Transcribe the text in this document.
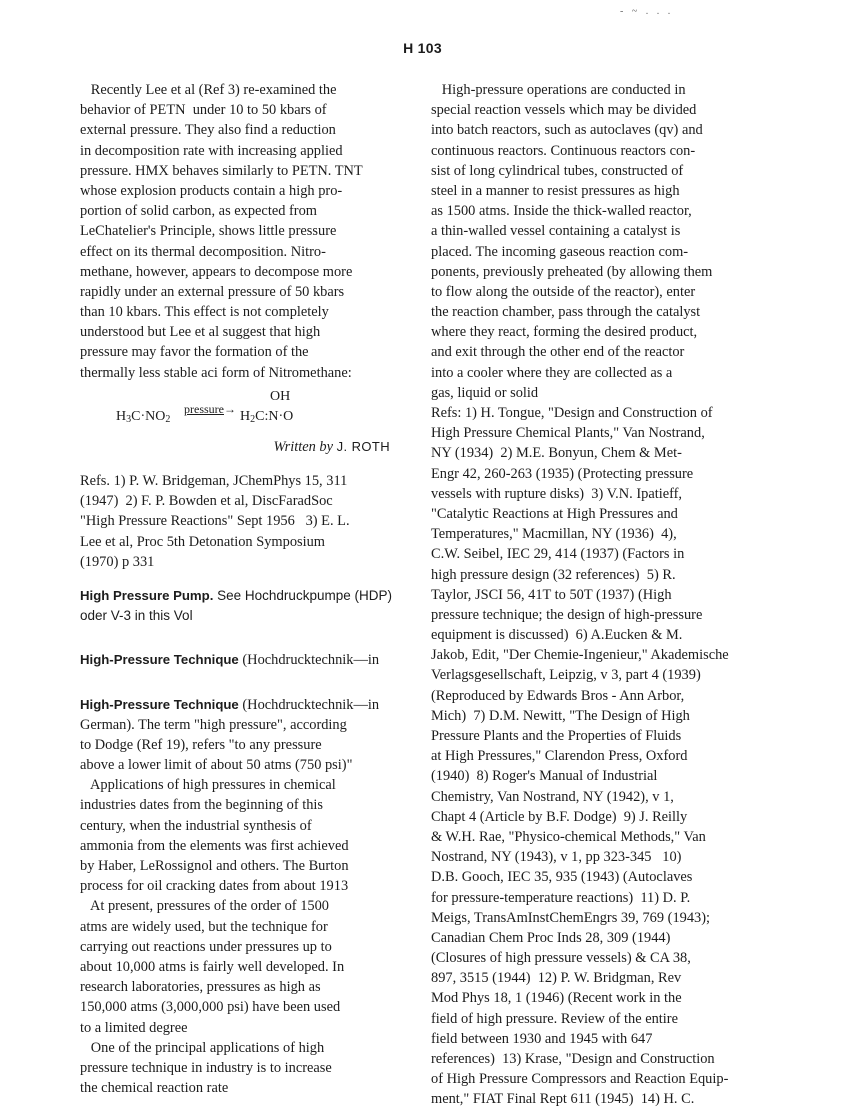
- ~ . . .
H 103
Recently Lee et al (Ref 3) re-examined the
behavior of PETN  under 10 to 50 kbars of
external pressure. They also find a reduction
in decomposition rate with increasing applied
pressure. HMX behaves similarly to PETN. TNT
whose explosion products contain a high pro-
portion of solid carbon, as expected from
LeChatelier's Principle, shows little pressure
effect on its thermal decomposition. Nitro-
methane, however, appears to decompose more
rapidly under an external pressure of 50 kbars
than 10 kbars. This effect is not completely
understood but Lee et al suggest that high
pressure may favor the formation of the
thermally less stable aci form of Nitromethane:
OH
$H_3C\cdot NO_2$
pressure→ $H_2C:N\cdot O$
Written by J. ROTH
Refs. 1) P. W. Bridgeman, JChemPhys 15, 311
(1947)  2) F. P. Bowden et al, DiscFaradSoc
"High Pressure Reactions" Sept 1956   3) E. L.
Lee et al, Proc 5th Detonation Symposium
(1970) p 331
High Pressure Pump. See Hochdruckpumpe (HDP)
oder V-3 in this Vol
High-Pressure Technique (Hochdrucktechnik—in
High-Pressure Technique (Hochdrucktechnik—in
German). The term "high pressure", according
to Dodge (Ref 19), refers "to any pressure
above a lower limit of about 50 atms (750 psi)"
Applications of high pressures in chemical
industries dates from the beginning of this
century, when the industrial synthesis of
ammonia from the elements was first achieved
by Haber, LeRossignol and others. The Burton
process for oil cracking dates from about 1913
At present, pressures of the order of 1500
atms are widely used, but the technique for
carrying out reactions under pressures up to
about 10,000 atms is fairly well developed. In
research laboratories, pressures as high as
150,000 atms (3,000,000 psi) have been used
to a limited degree
One of the principal applications of high
pressure technique in industry is to increase
the chemical reaction rate
High-pressure operations are conducted in
special reaction vessels which may be divided
into batch reactors, such as autoclaves (qv) and
continuous reactors. Continuous reactors con-
sist of long cylindrical tubes, constructed of
steel in a manner to resist pressures as high
as 1500 atms. Inside the thick-walled reactor,
a thin-walled vessel containing a catalyst is
placed. The incoming gaseous reaction com-
ponents, previously preheated (by allowing them
to flow along the outside of the reactor), enter
the reaction chamber, pass through the catalyst
where they react, forming the desired product,
and exit through the other end of the reactor
into a cooler where they are collected as a
gas, liquid or solid
Refs: 1) H. Tongue, "Design and Construction of
High Pressure Chemical Plants," Van Nostrand,
NY (1934)  2) M.E. Bonyun, Chem & Met-
Engr 42, 260-263 (1935) (Protecting pressure
vessels with rupture disks)  3) V.N. Ipatieff,
"Catalytic Reactions at High Pressures and
Temperatures," Macmillan, NY (1936)  4),
C.W. Seibel, IEC 29, 414 (1937) (Factors in
high pressure design (32 references)  5) R.
Taylor, JSCI 56, 41T to 50T (1937) (High
pressure technique; the design of high-pressure
equipment is discussed)  6) A.Eucken & M.
Jakob, Edit, "Der Chemie-Ingenieur," Akademische
Verlagsgesellschaft, Leipzig, v 3, part 4 (1939)
(Reproduced by Edwards Bros - Ann Arbor,
Mich)  7) D.M. Newitt, "The Design of High
Pressure Plants and the Properties of Fluids
at High Pressures," Clarendon Press, Oxford
(1940)  8) Roger's Manual of Industrial
Chemistry, Van Nostrand, NY (1942), v 1,
Chapt 4 (Article by B.F. Dodge)  9) J. Reilly
& W.H. Rae, "Physico-chemical Methods," Van
Nostrand, NY (1943), v 1, pp 323-345   10)
D.B. Gooch, IEC 35, 935 (1943) (Autoclaves
for pressure-temperature reactions)  11) D. P.
Meigs, TransAmInstChemEngrs 39, 769 (1943);
Canadian Chem Proc Inds 28, 309 (1944)
(Closures of high pressure vessels) & CA 38,
897, 3515 (1944)  12) P. W. Bridgman, Rev
Mod Phys 18, 1 (1946) (Recent work in the
field of high pressure. Review of the entire
field between 1930 and 1945 with 647
references)  13) Krase, "Design and Construction
of High Pressure Compressors and Reaction Equip-
ment," FIAT Final Rept 611 (1945)  14) H. C.
